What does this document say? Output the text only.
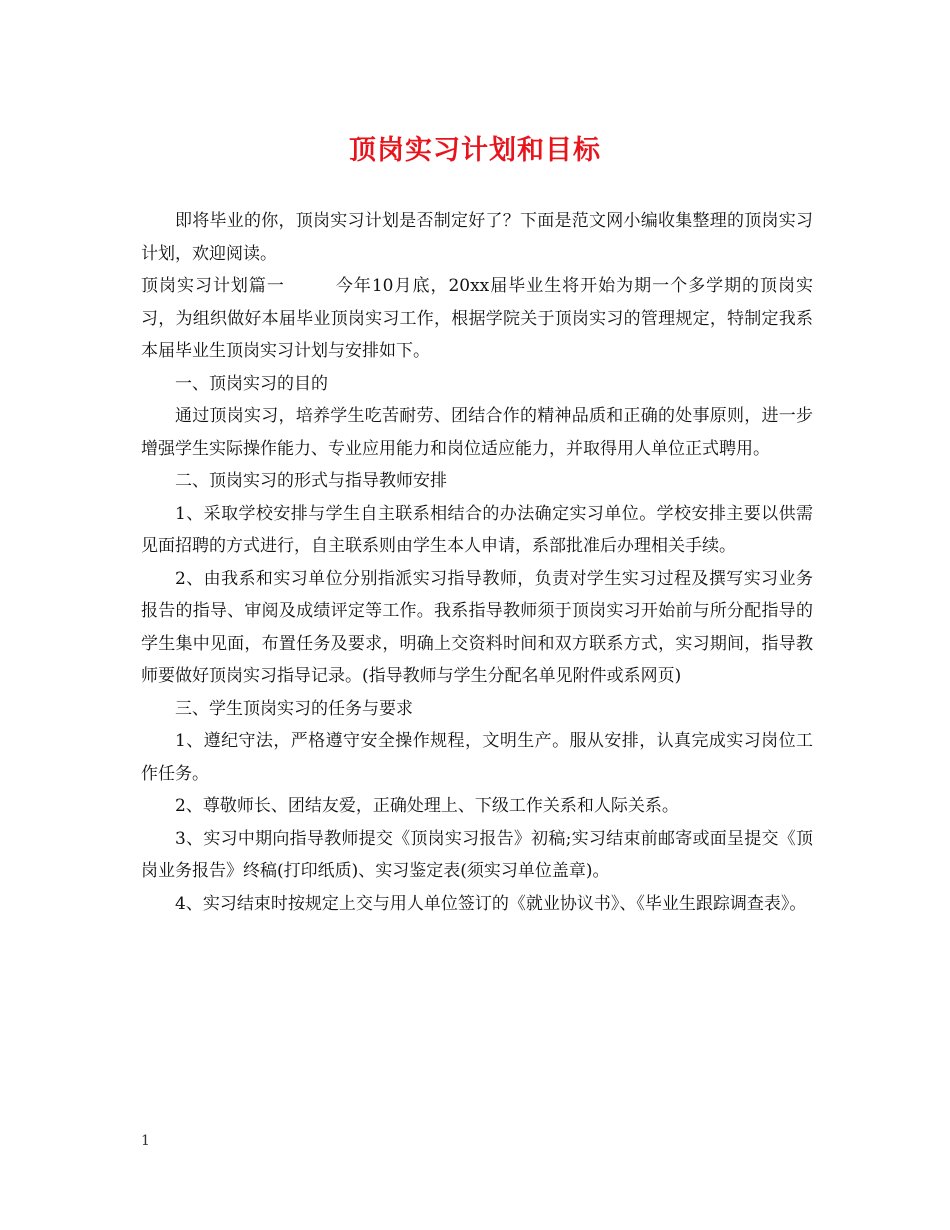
顶岗实习计划和目标

即将毕业的你，顶岗实习计划是否制定好了？下面是范文网小编收集整理的顶岗实习计划，欢迎阅读。

顶岗实习计划篇一	今年10月底，20xx届毕业生将开始为期一个多学期的顶岗实习，为组织做好本届毕业顶岗实习工作，根据学院关于顶岗实习的管理规定，特制定我系本届毕业生顶岗实习计划与安排如下。

一、顶岗实习的目的

通过顶岗实习，培养学生吃苦耐劳、团结合作的精神品质和正确的处事原则，进一步增强学生实际操作能力、专业应用能力和岗位适应能力，并取得用人单位正式聘用。

二、顶岗实习的形式与指导教师安排

1、采取学校安排与学生自主联系相结合的办法确定实习单位。学校安排主要以供需见面招聘的方式进行，自主联系则由学生本人申请，系部批准后办理相关手续。

2、由我系和实习单位分别指派实习指导教师，负责对学生实习过程及撰写实习业务报告的指导、审阅及成绩评定等工作。我系指导教师须于顶岗实习开始前与所分配指导的学生集中见面，布置任务及要求，明确上交资料时间和双方联系方式，实习期间，指导教师要做好顶岗实习指导记录。(指导教师与学生分配名单见附件或系网页)

三、学生顶岗实习的任务与要求

1、遵纪守法，严格遵守安全操作规程，文明生产。服从安排，认真完成实习岗位工作任务。

2、尊敬师长、团结友爱，正确处理上、下级工作关系和人际关系。

3、实习中期向指导教师提交《顶岗实习报告》初稿;实习结束前邮寄或面呈提交《顶岗业务报告》终稿(打印纸质)、实习鉴定表(须实习单位盖章)。

4、实习结束时按规定上交与用人单位签订的《就业协议书》、《毕业生跟踪调查表》。

1
